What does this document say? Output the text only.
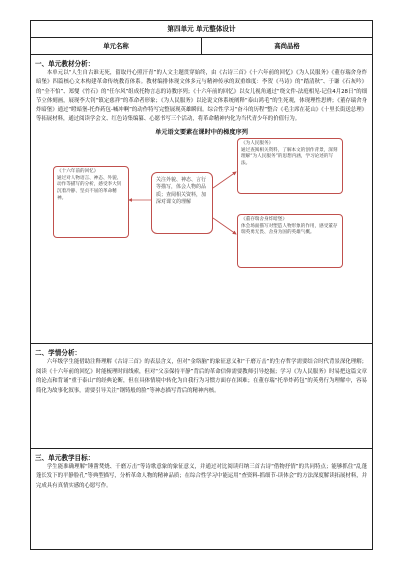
第四单元 单元整体设计
单元名称	高尚品格

一、单元教材分析：
本单元以“人生自古谁无死，留取丹心照汗青”的人文主题贯穿始终，由《古诗三首》《十六年前的回忆》《为人民服务》《董存瑞舍身炸暗堡》四篇核心文本构建革命传统教育体系。教材编排体现文体多元与精神传承的双重维度：李贺《马诗》的“踏清秋”、于谦《石灰吟》的“全不怕”、郑燮《竹石》的“任尔风”组成托物言志的诗教序列；《十六年前的回忆》以女儿视角通过“绕文件-法庭相见-记住4月28日”的细节立体刻画，展现李大钊“镇定慈祥”的革命者形象；《为人民服务》以论说文体系统阐释“泰山鸿毛”的生死观，体现理性思辨；《董存瑞舍身炸暗堡》通过“瞪暗堡-托炸药包-喊冲啊”的动作特写完整展现英雄瞬间。综合性学习“奋斗的历程”整合《毛主席在花山》《十里长街送总理》等拓展材料，通过阅读学会文、红色诗集编纂、心愿书写三个活动，将革命精神内化为当代青少年的价值行为。
单元语文要素在课时中的梯度序列
《十六年前的回忆》
通过对人物语言、神态、外貌、动作等描写的分析，感受李大钊沉着冷静、坚贞不屈的革命精神。
关注外貌、神态、言行等描写，体会人物的品质；查阅相关资料，加深对课文的理解
《为人民服务》
通过查阅相关资料，了解本文的创作背景，深刻理解“为人民服务”的思想内涵，学习论述的写法。
《董存瑞舍身炸暗堡》
体会场面描写对塑造人物形象的作用，感受董存瑞英勇无畏、舍身为国的英雄气概。

二、学情分析：
六年级学生能借助注释理解《古诗三首》的表层含义，但对“金络脑”的象征意义和“千磨万击”的生存哲学需要结合时代背景深化理解；阅读《十六年前的回忆》时能梳理时间线索，但对“父亲保持平静”背后的革命信仰需要教师引导挖掘；学习《为人民服务》时易把这篇文章的论点和背诵“重于泰山”的经典论断，但在具体情境中转化为自我行为习惯方面存在困难；在董存瑞“托举炸药包”的英勇行为理解中，容易简化为故事化叙事，需要引导关注“钢铸般的脸”等神态描写背后的精神内核。

三、单元教学目标：
学生能准确理解“锤凿焚烧、千磨万击”等诗歌意象的象征意义，并通过对比阅读归纳三首古诗“借物抒情”的共同特点；能够抓住“乱蓬蓬长发下的平静脸孔”等典型描写，分析革命人物的精神品质；在综合性学习中能运用“查资料-抓细节-读体会”的方法深度解读拓展材料，并完成具有真情实感的心愿写作。
